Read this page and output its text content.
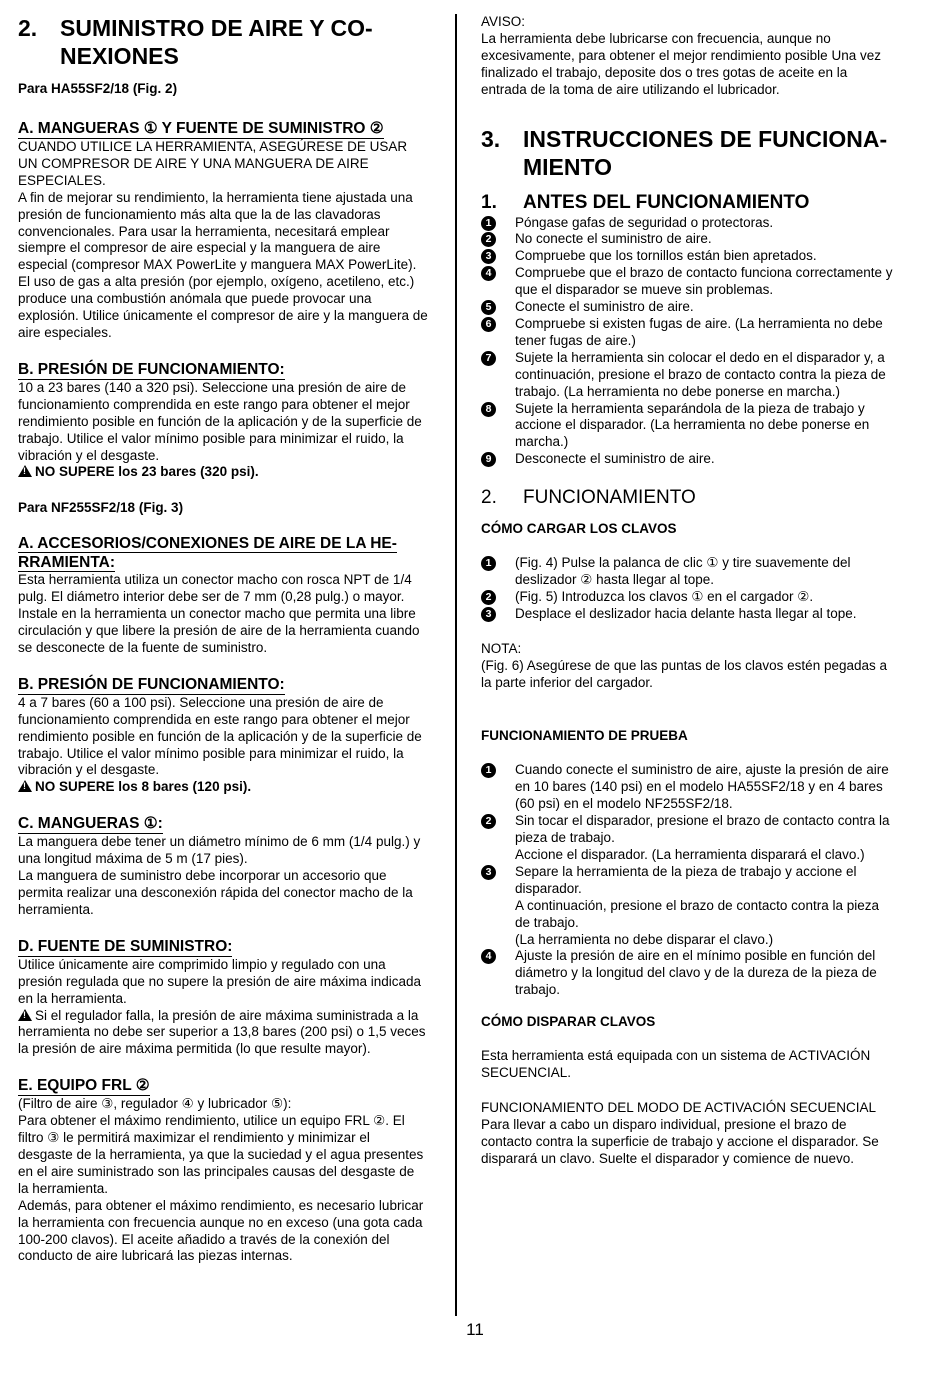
2. SUMINISTRO DE AIRE Y CO-
NEXIONES

Para HA55SF2/18 (Fig. 2)

A. MANGUERAS ① Y FUENTE DE SUMINISTRO ②

CUANDO UTILICE LA HERRAMIENTA, ASEGÚRESE DE USAR UN COMPRESOR DE AIRE Y UNA MANGUERA DE AIRE ESPECIALES.

A fin de mejorar su rendimiento, la herramienta tiene ajustada una presión de funcionamiento más alta que la de las clavadoras convencionales. Para usar la herramienta, necesitará emplear siempre el compresor de aire especial y la manguera de aire especial (compresor MAX PowerLite y manguera MAX PowerLite). El uso de gas a alta presión (por ejemplo, oxígeno, acetileno, etc.) produce una combustión anómala que puede provocar una explosión. Utilice únicamente el compresor de aire y la manguera de aire especiales.

B. PRESIÓN DE FUNCIONAMIENTO:

10 a 23 bares (140 a 320 psi). Seleccione una presión de aire de funcionamiento comprendida en este rango para obtener el mejor rendimiento posible en función de la aplicación y de la superficie de trabajo. Utilice el valor mínimo posible para minimizar el ruido, la vibración y el desgaste.

!NO SUPERE los 23 bares (320 psi).

Para NF255SF2/18 (Fig. 3)

A. ACCESORIOS/CONEXIONES DE AIRE DE LA HE-
RRAMIENTA:

Esta herramienta utiliza un conector macho con rosca NPT de 1/4 pulg. El diámetro interior debe ser de 7 mm (0,28 pulg.) o mayor. Instale en la herramienta un conector macho que permita una libre circulación y que libere la presión de aire de la herramienta cuando se desconecte de la fuente de suministro.

B. PRESIÓN DE FUNCIONAMIENTO:

4 a 7 bares (60 a 100 psi). Seleccione una presión de aire de funcionamiento comprendida en este rango para obtener el mejor rendimiento posible en función de la aplicación y de la superficie de trabajo. Utilice el valor mínimo posible para minimizar el ruido, la vibración y el desgaste.

!NO SUPERE los 8 bares (120 psi).

C. MANGUERAS ①:

La manguera debe tener un diámetro mínimo de 6 mm (1/4 pulg.) y una longitud máxima de 5 m (17 pies).

La manguera de suministro debe incorporar un accesorio que permita realizar una desconexión rápida del conector macho de la herramienta.

D. FUENTE DE SUMINISTRO:

Utilice únicamente aire comprimido limpio y regulado con una presión regulada que no supere la presión de aire máxima indicada en la herramienta.

!Si el regulador falla, la presión de aire máxima suministrada a la herramienta no debe ser superior a 13,8 bares (200 psi) o 1,5 veces la presión de aire máxima permitida (lo que resulte mayor).

E. EQUIPO FRL ②

(Filtro de aire ③, regulador ④ y lubricador ⑤):

Para obtener el máximo rendimiento, utilice un equipo FRL ②. El filtro ③ le permitirá maximizar el rendimiento y minimizar el desgaste de la herramienta, ya que la suciedad y el agua presentes en el aire suministrado son las principales causas del desgaste de la herramienta.

Además, para obtener el máximo rendimiento, es necesario lubricar la herramienta con frecuencia aunque no en exceso (una gota cada 100-200 clavos). El aceite añadido a través de la conexión del conducto de aire lubricará las piezas internas.

AVISO:

La herramienta debe lubricarse con frecuencia, aunque no excesivamente, para obtener el mejor rendimiento posible Una vez finalizado el trabajo, deposite dos o tres gotas de aceite en la entrada de la toma de aire utilizando el lubricador.

3. INSTRUCCIONES DE FUNCIONA-
MIENTO
1.	ANTES DEL FUNCIONAMIENTO
1	Póngase gafas de seguridad o protectoras.
2	No conecte el suministro de aire.
3	Compruebe que los tornillos están bien apretados.
4	Compruebe que el brazo de contacto funciona correctamente y que el disparador se mueve sin problemas.
5	Conecte el suministro de aire.
6	Compruebe si existen fugas de aire. (La herramienta no debe tener fugas de aire.)
7	Sujete la herramienta sin colocar el dedo en el disparador y, a continuación, presione el brazo de contacto contra la pieza de trabajo. (La herramienta no debe ponerse en marcha.)
8	Sujete la herramienta separándola de la pieza de trabajo y accione el disparador. (La herramienta no debe ponerse en marcha.)
9	Desconecte el suministro de aire.
2.	FUNCIONAMIENTO

CÓMO CARGAR LOS CLAVOS

1	(Fig. 4) Pulse la palanca de clic ① y tire suavemente del deslizador ② hasta llegar al tope.
2	(Fig. 5) Introduzca los clavos ① en el cargador ②.
3	Desplace el deslizador hacia delante hasta llegar al tope.

NOTA:

(Fig. 6) Asegúrese de que las puntas de los clavos estén pegadas a la parte inferior del cargador.

FUNCIONAMIENTO DE PRUEBA

1	Cuando conecte el suministro de aire, ajuste la presión de aire en 10 bares (140 psi) en el modelo HA55SF2/18 y en 4 bares (60 psi) en el modelo NF255SF2/18.
2	Sin tocar el disparador, presione el brazo de contacto contra la pieza de trabajo.
Accione el disparador. (La herramienta disparará el clavo.)
3	Separe la herramienta de la pieza de trabajo y accione el disparador.
A continuación, presione el brazo de contacto contra la pieza de trabajo.
(La herramienta no debe disparar el clavo.)
4	Ajuste la presión de aire en el mínimo posible en función del diámetro y la longitud del clavo y de la dureza de la pieza de trabajo.

CÓMO DISPARAR CLAVOS

Esta herramienta está equipada con un sistema de ACTIVACIÓN SECUENCIAL.

FUNCIONAMIENTO DEL MODO DE ACTIVACIÓN SECUENCIAL

Para llevar a cabo un disparo individual, presione el brazo de contacto contra la superficie de trabajo y accione el disparador. Se disparará un clavo. Suelte el disparador y comience de nuevo.

11
